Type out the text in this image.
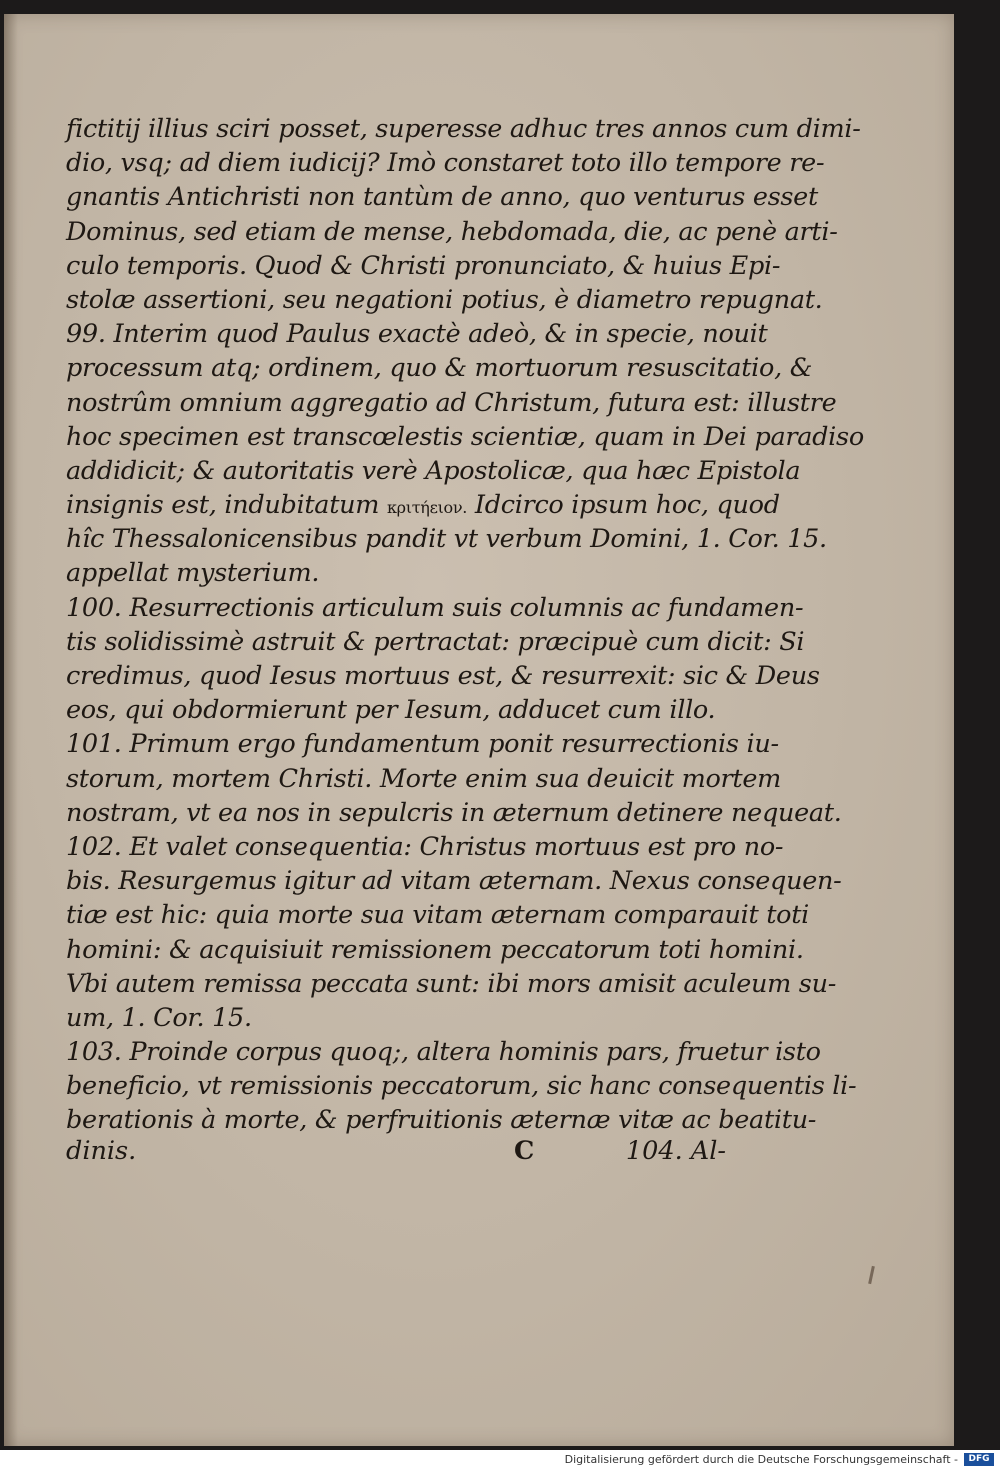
fictitij illius sciri posset, superesse adhuc tres annos cum dimi-
dio, vsq; ad diem iudicij? Imò constaret toto illo tempore re-
gnantis Antichristi non tantùm de anno, quo venturus esset
Dominus, sed etiam de mense, hebdomada, die, ac penè arti-
culo temporis. Quod & Christi pronunciato, & huius Epi-
stolæ assertioni, seu negationi potius, è diametro repugnat.
99. Interim quod Paulus exactè adeò, & in specie, nouit
processum atq; ordinem, quo & mortuorum resuscitatio, &
nostrûm omnium aggregatio ad Christum, futura est: illustre
hoc specimen est transcœlestis scientiæ, quam in Dei paradiso
addidicit; & autoritatis verè Apostolicæ, qua hæc Epistola
insignis est, indubitatum κριτήειον. Idcirco ipsum hoc, quod
hîc Thessalonicensibus pandit vt verbum Domini, 1. Cor. 15.
appellat mysterium.
100. Resurrectionis articulum suis columnis ac fundamen-
tis solidissimè astruit & pertractat: præcipuè cum dicit: Si
credimus, quod Iesus mortuus est, & resurrexit: sic & Deus
eos, qui obdormierunt per Iesum, adducet cum illo.
101. Primum ergo fundamentum ponit resurrectionis iu-
storum, mortem Christi. Morte enim sua deuicit mortem
nostram, vt ea nos in sepulcris in æternum detinere nequeat.
102. Et valet consequentia: Christus mortuus est pro no-
bis. Resurgemus igitur ad vitam æternam. Nexus consequen-
tiæ est hic: quia morte sua vitam æternam comparauit toti
homini: & acquisiuit remissionem peccatorum toti homini.
Vbi autem remissa peccata sunt: ibi mors amisit aculeum su-
um, 1. Cor. 15.
103. Proinde corpus quoq;, altera hominis pars, fruetur isto
beneficio, vt remissionis peccatorum, sic hanc consequentis li-
berationis à morte, & perfruitionis æternæ vitæ ac beatitu-
dinis.	C	104. Al-
Digitalisierung gefördert durch die Deutsche Forschungsgemeinschaft -	DFG
